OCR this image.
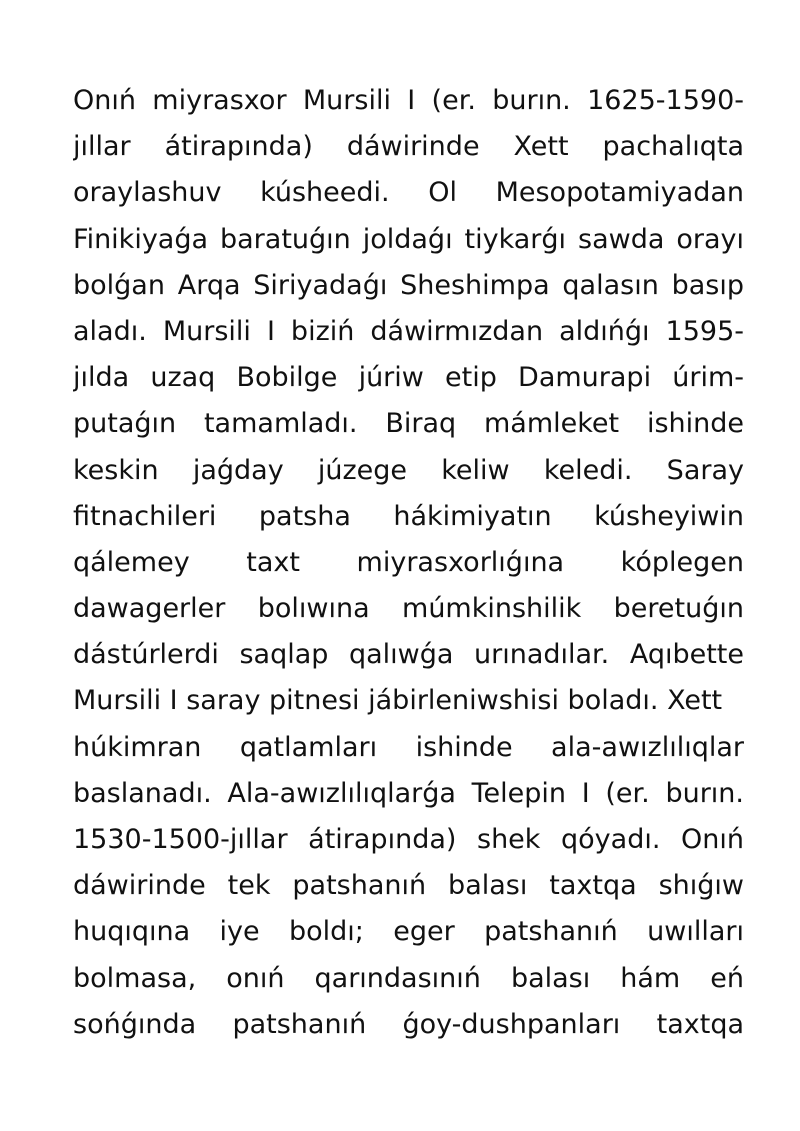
Onıń miyrasxor Mursili I (er. burın. 1625-1590-
jıllar átirapında) dáwirinde Xett pachalıqta
oraylashuv kúsheedi. Ol Mesopotamiyadan
Finikiyaǵa baratuǵın joldaǵı tiykarǵı sawda orayı
bolǵan Arqa Siriyadaǵı Sheshimpa qalasın basıp
aladı. Mursili I biziń dáwirmızdan aldıńǵı 1595-
jılda uzaq Bobilge júriw etip Damurapi úrim-
putaǵın tamamladı. Biraq mámleket ishinde
keskin jaǵday júzege keliw keledi. Saray
fitnachileri patsha hákimiyatın kúsheyiwin
qálemey taxt miyrasxorlıǵına kóplegen
dawagerler bolıwına múmkinshilik beretuǵın
dástúrlerdi saqlap qalıwǵa urınadılar. Aqıbette
Mursili I saray pitnesi jábirleniwshisi boladı. Xett
húkimran qatlamları ishinde ala-awızlılıqlar
baslanadı. Ala-awızlılıqlarǵa Telepin I (er. burın.
1530-1500-jıllar átirapında) shek qóyadı. Onıń
dáwirinde tek patshanıń balası taxtqa shıǵıw
huqıqına iye boldı; eger patshanıń uwılları
bolmasa, onıń qarındasınıń balası hám eń
sońǵında patshanıń ǵoy-dushpanları taxtqa
